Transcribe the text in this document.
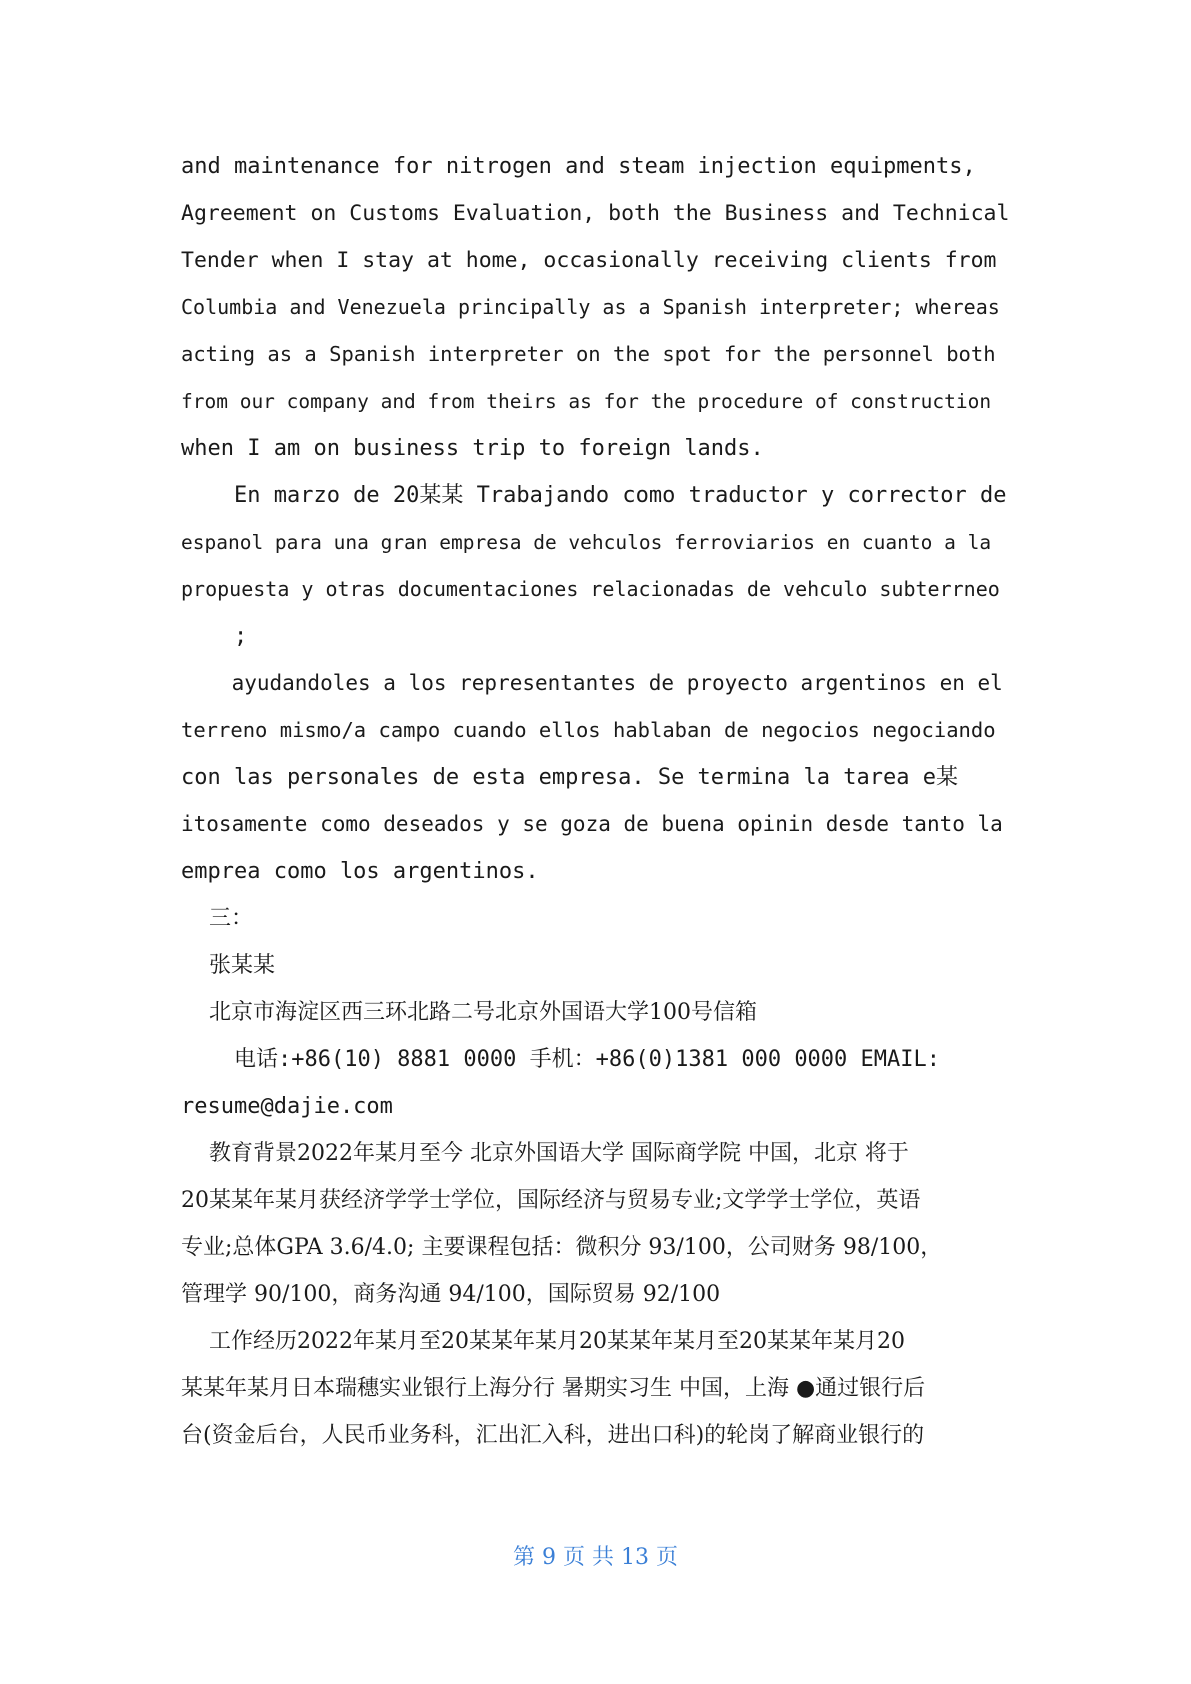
and maintenance for nitrogen and steam injection equipments,
Agreement on Customs Evaluation, both the Business and Technical
Tender when I stay at home, occasionally receiving clients from
Columbia and Venezuela principally as a Spanish interpreter; whereas
acting as a Spanish interpreter on the spot for the personnel both
from our company and from theirs as for the procedure of construction
when I am on business trip to foreign lands.
En marzo de 20某某 Trabajando como traductor y corrector de
espanol para una gran empresa de vehculos ferroviarios en cuanto a la
propuesta y otras documentaciones relacionadas de vehculo subterrneo
;
ayudandoles a los representantes de proyecto argentinos en el
terreno mismo/a campo cuando ellos hablaban de negocios negociando
con las personales de esta empresa. Se termina la tarea e某
itosamente como deseados y se goza de buena opinin desde tanto la
emprea como los argentinos.
三：
张某某
北京市海淀区西三环北路二号北京外国语大学100号信箱
电话:+86(10) 8881 0000 手机：+86(0)1381 000 0000 EMAIL:
resume@dajie.com
教育背景2022年某月至今 北京外国语大学 国际商学院 中国，北京 将于
20某某年某月获经济学学士学位，国际经济与贸易专业;文学学士学位，英语
专业;总体GPA 3.6/4.0; 主要课程包括：微积分 93/100，公司财务 98/100，
管理学 90/100，商务沟通 94/100，国际贸易 92/100
工作经历2022年某月至20某某年某月20某某年某月至20某某年某月20
某某年某月日本瑞穗实业银行上海分行 暑期实习生 中国，上海 ●通过银行后
台(资金后台，人民币业务科，汇出汇入科，进出口科)的轮岗了解商业银行的
第 9 页 共 13 页
